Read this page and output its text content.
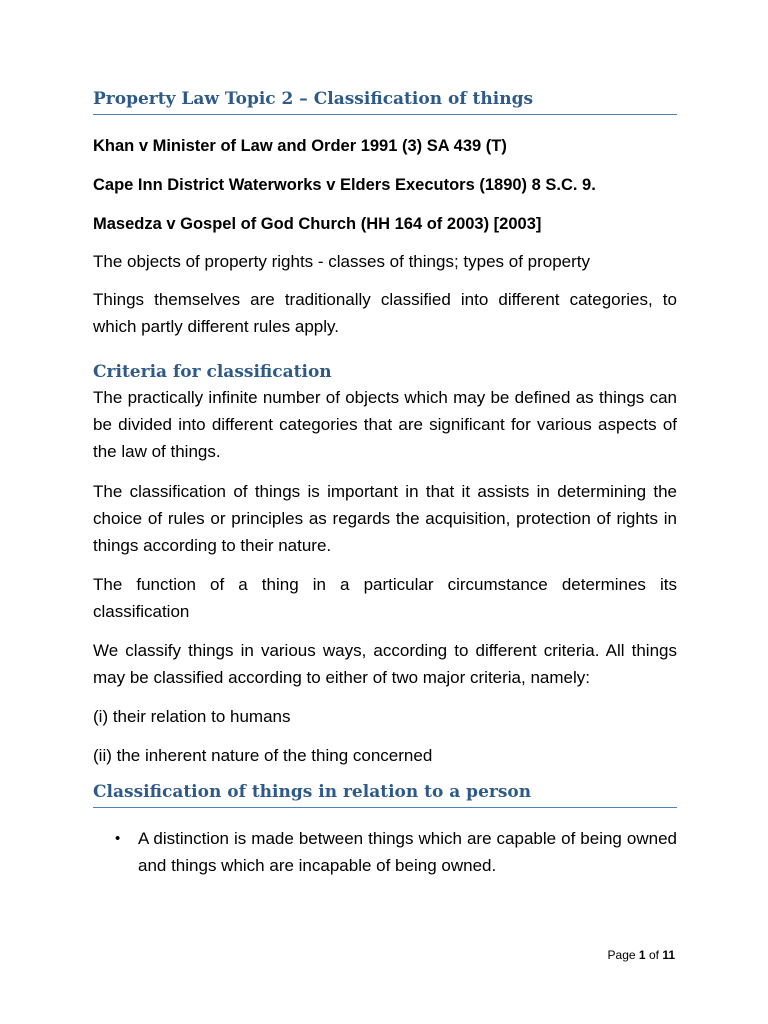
Property Law Topic 2 – Classification of things

Khan v Minister of Law and Order 1991 (3) SA 439 (T)

Cape Inn District Waterworks v Elders Executors (1890) 8 S.C. 9.

Masedza v Gospel of God Church (HH 164 of 2003) [2003]

The objects of property rights - classes of things; types of property

Things themselves are traditionally classified into different categories, to which partly different rules apply.

Criteria for classification

The practically infinite number of objects which may be defined as things can be divided into different categories that are significant for various aspects of the law of things.

The classification of things is important in that it assists in determining the choice of rules or principles as regards the acquisition, protection of rights in things according to their nature.

The function of a thing in a particular circumstance determines its classification

We classify things in various ways, according to different criteria. All things may be classified according to either of two major criteria, namely:

(i) their relation to humans

(ii) the inherent nature of the thing concerned

Classification of things in relation to a person
• A distinction is made between things which are capable of being owned and things which are incapable of being owned.
Page 1 of 11
